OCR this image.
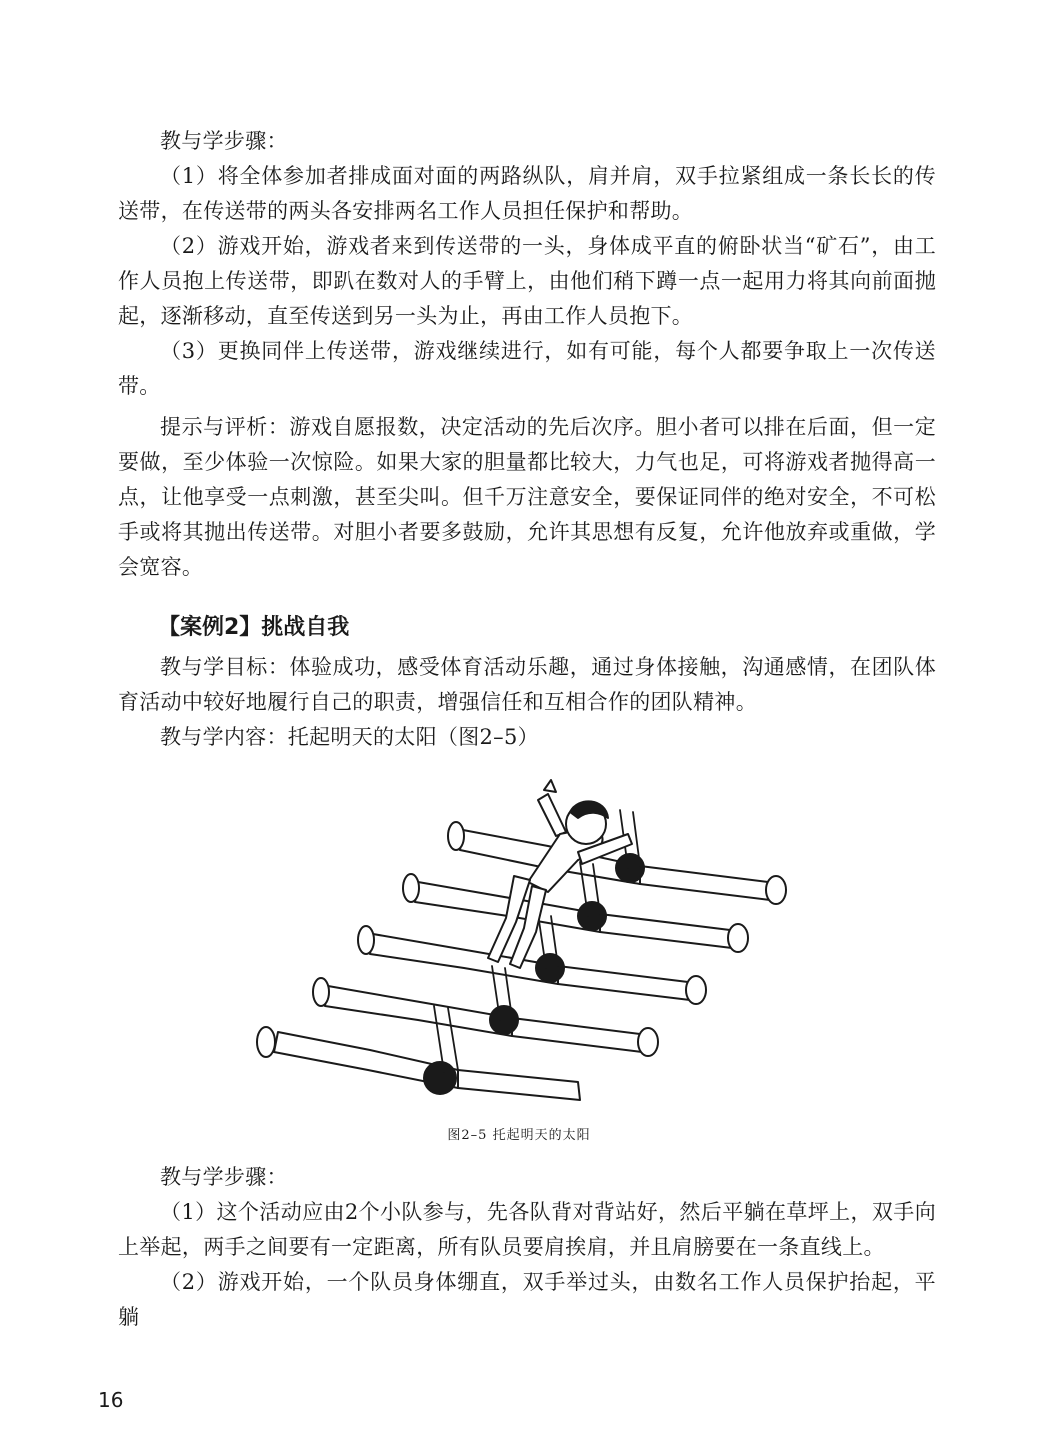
教与学步骤：

（1）将全体参加者排成面对面的两路纵队，肩并肩，双手拉紧组成一条长长的传送带，在传送带的两头各安排两名工作人员担任保护和帮助。

（2）游戏开始，游戏者来到传送带的一头，身体成平直的俯卧状当“矿石”，由工作人员抱上传送带，即趴在数对人的手臂上，由他们稍下蹲一点一起用力将其向前面抛起，逐渐移动，直至传送到另一头为止，再由工作人员抱下。

（3）更换同伴上传送带，游戏继续进行，如有可能，每个人都要争取上一次传送带。

提示与评析：游戏自愿报数，决定活动的先后次序。胆小者可以排在后面，但一定要做，至少体验一次惊险。如果大家的胆量都比较大，力气也足，可将游戏者抛得高一点，让他享受一点刺激，甚至尖叫。但千万注意安全，要保证同伴的绝对安全，不可松手或将其抛出传送带。对胆小者要多鼓励，允许其思想有反复，允许他放弃或重做，学会宽容。

【案例2】挑战自我

教与学目标：体验成功，感受体育活动乐趣，通过身体接触，沟通感情，在团队体育活动中较好地履行自己的职责，增强信任和互相合作的团队精神。

教与学内容：托起明天的太阳（图2–5）

图2–5 托起明天的太阳

教与学步骤：

（1）这个活动应由2个小队参与，先各队背对背站好，然后平躺在草坪上，双手向上举起，两手之间要有一定距离，所有队员要肩挨肩，并且肩膀要在一条直线上。

（2）游戏开始，一个队员身体绷直，双手举过头，由数名工作人员保护抬起，平躺

16
